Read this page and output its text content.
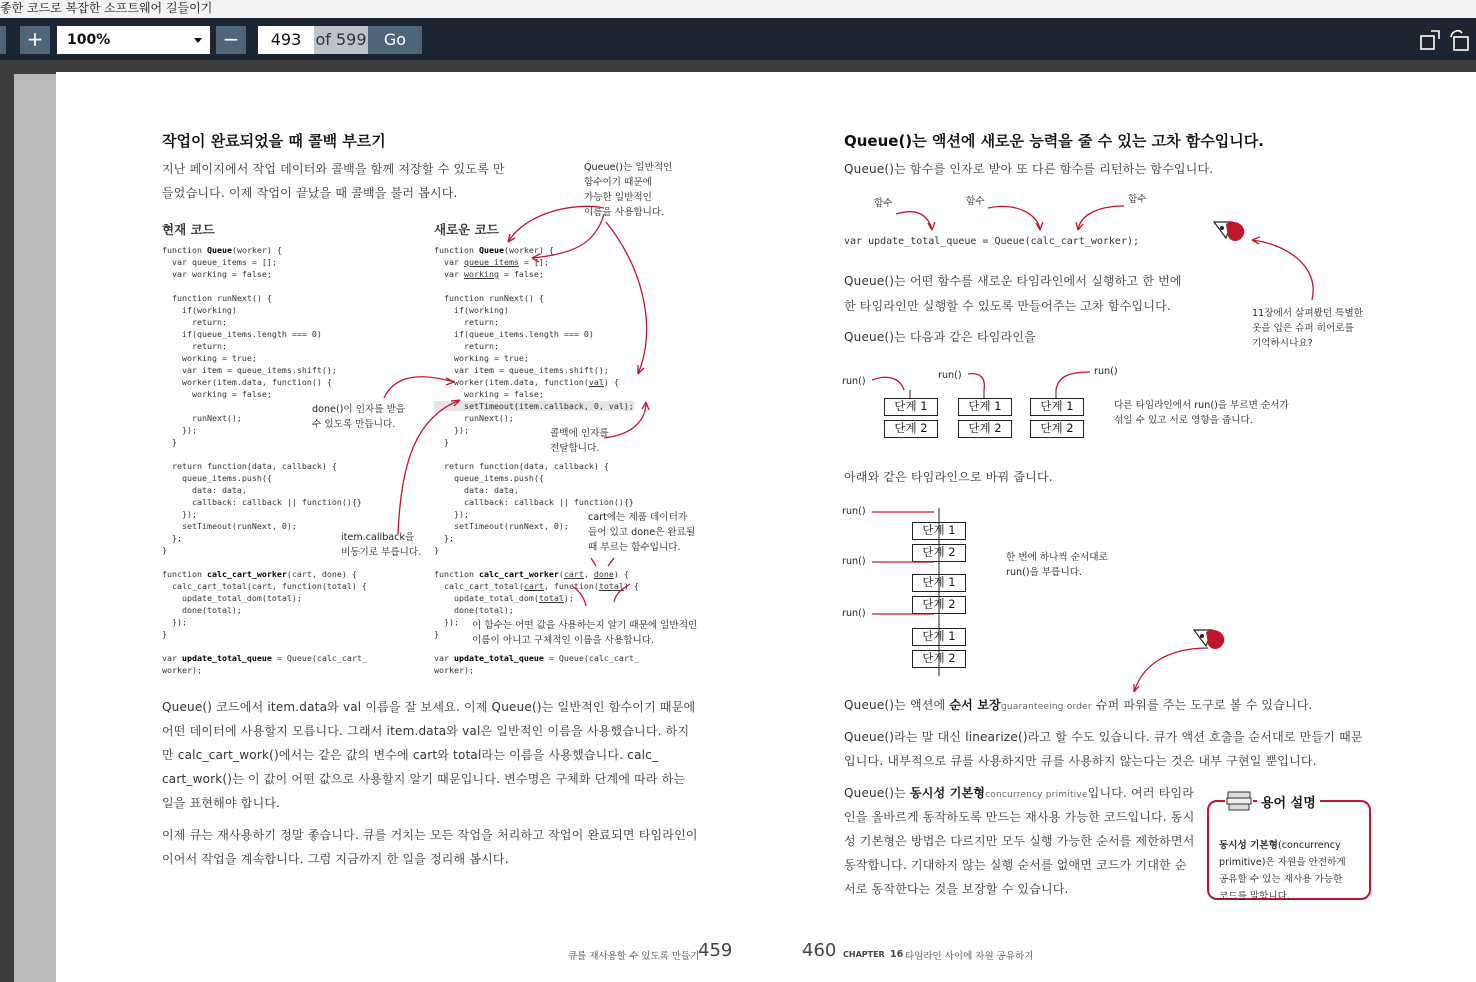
좋한 코드로 복잡한 소프트웨어 길들이기
+	100%	−	493 of 599	Go
작업이 완료되었을 때 콜백 부르기
지난 페이지에서 작업 데이터와 콜백을 함께 저장할 수 있도록 만
들었습니다. 이제 작업이 끝났을 때 콜백을 불러 봅시다.
현재 코드	새로운 코드
function Queue(worker) {
var queue_items = [];
var working = false;

function runNext() {
if(working)
return;
if(queue_items.length === 0)
return;
working = true;
var item = queue_items.shift();
worker(item.data, function() {
working = false;

runNext();
});
}

return function(data, callback) {
queue_items.push({
data: data,
callback: callback || function(){}
});
setTimeout(runNext, 0);
};
}

function calc_cart_worker(cart, done) {
calc_cart_total(cart, function(total) {
update_total_dom(total);
done(total);
});
}

var update_total_queue = Queue(calc_cart_
worker);
function Queue(worker) {
var queue_items = [];
var working = false;

function runNext() {
if(working)
return;
if(queue_items.length === 0)
return;
working = true;
var item = queue_items.shift();
worker(item.data, function(val) {
working = false;
setTimeout(item.callback, 0, val);
runNext();
});
}

return function(data, callback) {
queue_items.push({
data: data,
callback: callback || function(){}
});
setTimeout(runNext, 0);
};
}

function calc_cart_worker(cart, done) {
calc_cart_total(cart, function(total) {
update_total_dom(total);
done(total);
});
}

var update_total_queue = Queue(calc_cart_
worker);
Queue()는 일반적인
함수이기 때문에
가능한 일반적인
이름을 사용합니다.
done()이 인자를 받을
수 있도록 만듭니다.
콜백에 인자를
전달합니다.
item.callback을
비동기로 부릅니다.
cart에는 제품 데이터가
들어 있고 done은 완료될
때 부르는 함수입니다.
이 함수는 어떤 값을 사용하는지 알기 때문에 일반적인
이름이 아니고 구체적인 이름을 사용합니다.
Queue() 코드에서 item.data와 val 이름을 잘 보세요. 이제 Queue()는 일반적인 함수이기 때문에
어떤 데이터에 사용할지 모릅니다. 그래서 item.data와 val은 일반적인 이름을 사용했습니다. 하지
만 calc_cart_work()에서는 같은 값의 변수에 cart와 total라는 이름을 사용했습니다. calc_
cart_work()는 이 값이 어떤 값으로 사용할지 알기 때문입니다. 변수명은 구체화 단계에 따라 하는
일을 표현해야 합니다.
이제 큐는 재사용하기 정말 좋습니다. 큐를 거치는 모든 작업을 처리하고 작업이 완료되면 타임라인이
이어서 작업을 계속합니다. 그럼 지금까지 한 일을 정리해 봅시다.
큐를 재사용할 수 있도록 만들기
459
Queue()는 액션에 새로운 능력을 줄 수 있는 고차 함수입니다.
Queue()는 함수를 인자로 받아 또 다른 함수를 리턴하는 함수입니다.
함수	함수	함수
var update_total_queue = Queue(calc_cart_worker);
11장에서 살펴봤던 특별한
옷을 입은 슈퍼 히어로를
기억하시나요?
Queue()는 어떤 함수를 새로운 타임라인에서 실행하고 한 번에
한 타임라인만 실행할 수 있도록 만들어주는 고차 함수입니다.
Queue()는 다음과 같은 타임라인을
run()
run()	run()
단계 1
단계 2
단계 1
단계 2
단계 1
단계 2
다른 타임라인에서 run()을 부르면 순서가
섞일 수 있고 서로 영향을 줍니다.
아래와 같은 타임라인으로 바꿔 줍니다.
run()
run()
run()
단계 1
단계 2
단계 1
단계 2
단계 1
단계 2
한 번에 하나씩 순서대로
run()을 부릅니다.
Queue()는 액션에 순서 보장guaranteeing order 슈퍼 파워를 주는 도구로 볼 수 있습니다.
Queue()라는 말 대신 linearize()라고 할 수도 있습니다. 큐가 액션 호출을 순서대로 만들기 때문
입니다. 내부적으로 큐를 사용하지만 큐를 사용하지 않는다는 것은 내부 구현일 뿐입니다.
Queue()는 동시성 기본형concurrency primitive입니다. 여러 타임라
인을 올바르게 동작하도록 만드는 재사용 가능한 코드입니다. 동시
성 기본형은 방법은 다르지만 모두 실행 가능한 순서를 제한하면서
동작합니다. 기대하지 않는 실행 순서를 없애면 코드가 기대한 순
서로 동작한다는 것을 보장할 수 있습니다.
용어 설명

동시성 기본형(concurrency
primitive)은 자원을 안전하게
공유할 수 있는 재사용 가능한
코드를 말합니다.

460 CHAPTER 16 타임라인 사이에 자원 공유하기
